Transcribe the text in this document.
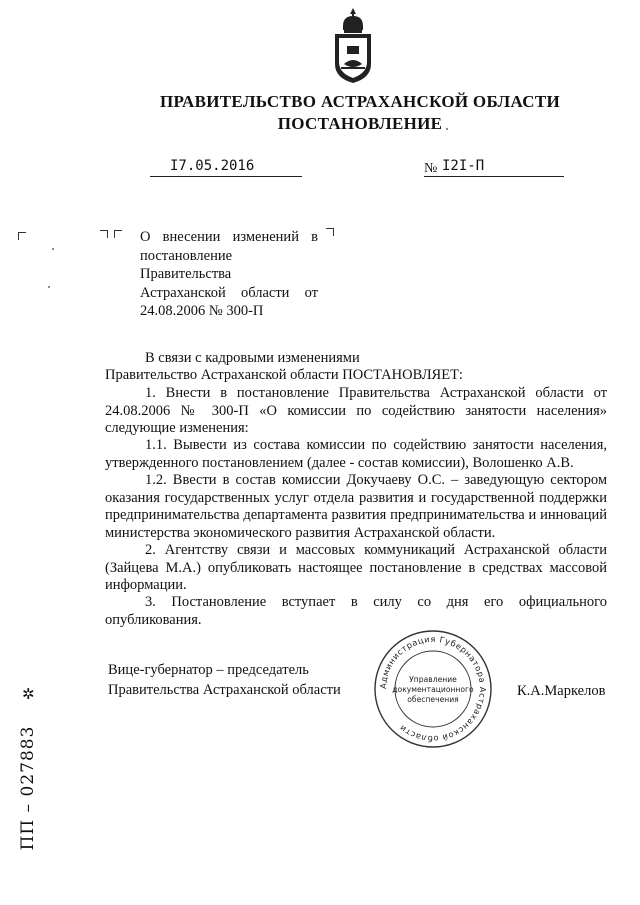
ПРАВИТЕЛЬСТВО АСТРАХАНСКОЙ ОБЛАСТИ
ПОСТАНОВЛЕНИЕ
I7.05.2016	№ I2I-П
О внесении изменений в постановление Правительства Астраханской области от 24.08.2006 № 300-П
В связи с кадровыми изменениями
Правительство Астраханской области ПОСТАНОВЛЯЕТ:
1. Внести в постановление Правительства Астраханской области от 24.08.2006 № 300-П «О комиссии по содействию занятости населения» следующие изменения:
1.1. Вывести из состава комиссии по содействию занятости населения, утвержденного постановлением (далее - состав комиссии), Волошенко А.В.
1.2. Ввести в состав комиссии Докучаеву О.С. – заведующую сектором оказания государственных услуг отдела развития и государственной поддержки предпринимательства департамента развития предпринимательства и инноваций министерства экономического развития Астраханской области.
2. Агентству связи и массовых коммуникаций Астраханской области (Зайцева М.А.) опубликовать настоящее постановление в средствах массовой информации.
3. Постановление вступает в силу со дня его официального опубликования.
Вице-губернатор – председатель
Правительства Астраханской области	К.А.Маркелов
Администрация Губернатора Астраханской области
Управление
документационного
обеспечения
✲
ПП – 027883
